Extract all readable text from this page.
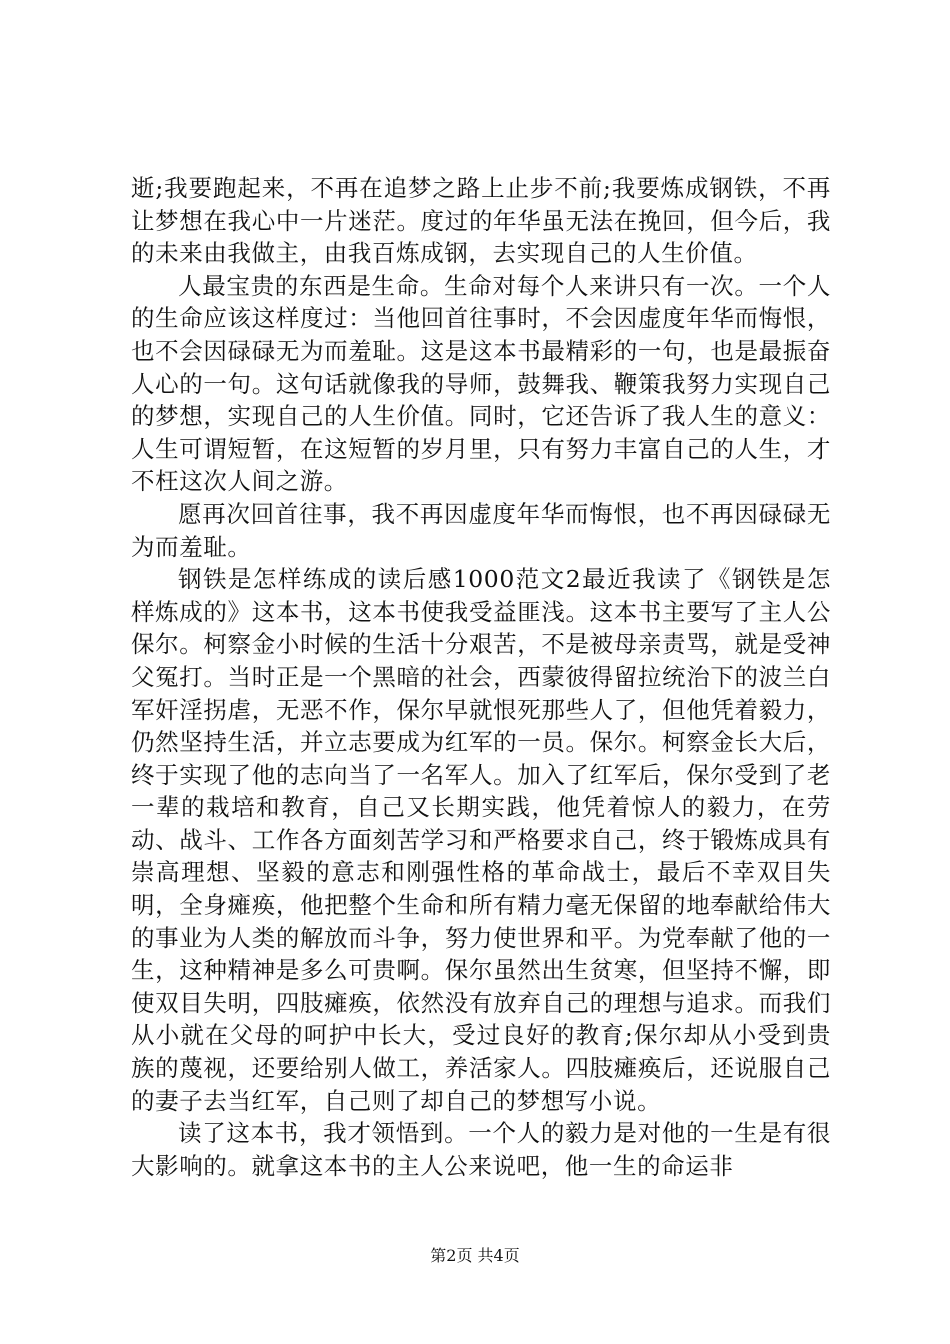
逝;我要跑起来，不再在追梦之路上止步不前;我要炼成钢铁，不再让梦想在我心中一片迷茫。度过的年华虽无法在挽回，但今后，我的未来由我做主，由我百炼成钢，去实现自己的人生价值。

人最宝贵的东西是生命。生命对每个人来讲只有一次。一个人的生命应该这样度过：当他回首往事时，不会因虚度年华而悔恨，也不会因碌碌无为而羞耻。这是这本书最精彩的一句，也是最振奋人心的一句。这句话就像我的导师，鼓舞我、鞭策我努力实现自己的梦想，实现自己的人生价值。同时，它还告诉了我人生的意义：人生可谓短暂，在这短暂的岁月里，只有努力丰富自己的人生，才不枉这次人间之游。

愿再次回首往事，我不再因虚度年华而悔恨，也不再因碌碌无为而羞耻。

钢铁是怎样练成的读后感1000范文2最近我读了《钢铁是怎样炼成的》这本书，这本书使我受益匪浅。这本书主要写了主人公保尔。柯察金小时候的生活十分艰苦，不是被母亲责骂，就是受神父冤打。当时正是一个黑暗的社会，西蒙彼得留拉统治下的波兰白军奸淫拐虐，无恶不作，保尔早就恨死那些人了，但他凭着毅力，仍然坚持生活，并立志要成为红军的一员。保尔。柯察金长大后，终于实现了他的志向当了一名军人。加入了红军后，保尔受到了老一辈的栽培和教育，自己又长期实践，他凭着惊人的毅力，在劳动、战斗、工作各方面刻苦学习和严格要求自己，终于锻炼成具有崇高理想、坚毅的意志和刚强性格的革命战士，最后不幸双目失明，全身瘫痪，他把整个生命和所有精力毫无保留的地奉献给伟大的事业为人类的解放而斗争，努力使世界和平。为党奉献了他的一生，这种精神是多么可贵啊。保尔虽然出生贫寒，但坚持不懈，即使双目失明，四肢瘫痪，依然没有放弃自己的理想与追求。而我们从小就在父母的呵护中长大，受过良好的教育;保尔却从小受到贵族的蔑视，还要给别人做工，养活家人。四肢瘫痪后，还说服自己的妻子去当红军，自己则了却自己的梦想写小说。

读了这本书，我才领悟到。一个人的毅力是对他的一生是有很大影响的。就拿这本书的主人公来说吧，他一生的命运非

第2页 共4页
